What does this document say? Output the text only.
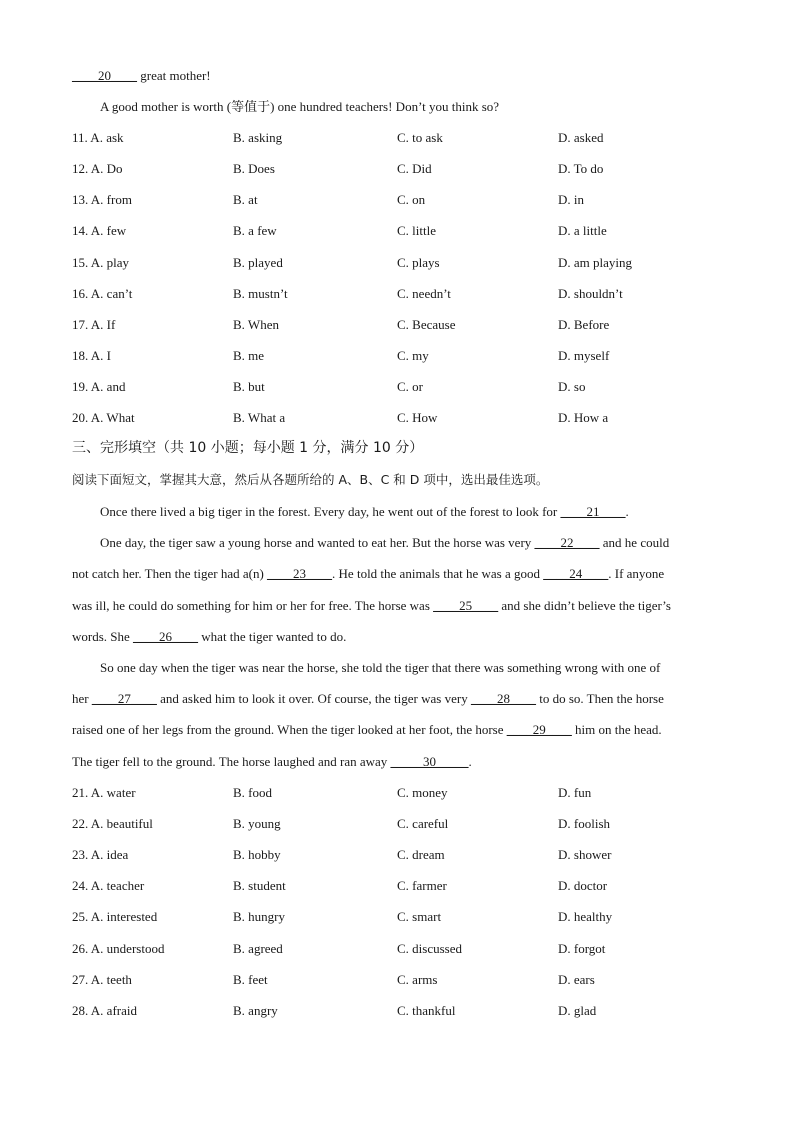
____20____ great mother!
A good mother is worth (等值于) one hundred teachers! Don’t you think so?
11. A. ask	B. asking	C. to ask	D. asked
12. A. Do	B. Does	C. Did	D. To do
13. A. from	B. at	C. on	D. in
14. A. few	B. a few	C. little	D. a little
15. A. play	B. played	C. plays	D. am playing
16. A. can’t	B. mustn’t	C. needn’t	D. shouldn’t
17. A. If	B. When	C. Because	D. Before
18. A. I	B. me	C. my	D. myself
19. A. and	B. but	C. or	D. so
20. A. What	B. What a	C. How	D. How a
三、完形填空（共 10 小题；每小题 1 分，满分 10 分）
阅读下面短文，掌握其大意，然后从各题所给的 A、B、C 和 D 项中，选出最佳选项。
Once there lived a big tiger in the forest. Every day, he went out of the forest to look for ____21____.
One day, the tiger saw a young horse and wanted to eat her. But the horse was very ____22____ and he could
not catch her. Then the tiger had a(n) ____23____. He told the animals that he was a good ____24____. If anyone
was ill, he could do something for him or her for free. The horse was ____25____ and she didn’t believe the tiger’s
words. She ____26____ what the tiger wanted to do.
So one day when the tiger was near the horse, she told the tiger that there was something wrong with one of
her ____27____ and asked him to look it over. Of course, the tiger was very ____28____ to do so. Then the horse
raised one of her legs from the ground. When the tiger looked at her foot, the horse ____29____ him on the head.
The tiger fell to the ground. The horse laughed and ran away _____30_____.
21. A. water	B. food	C. money	D. fun
22. A. beautiful	B. young	C. careful	D. foolish
23. A. idea	B. hobby	C. dream	D. shower
24. A. teacher	B. student	C. farmer	D. doctor
25. A. interested	B. hungry	C. smart	D. healthy
26. A. understood	B. agreed	C. discussed	D. forgot
27. A. teeth	B. feet	C. arms	D. ears
28. A. afraid	B. angry	C. thankful	D. glad
